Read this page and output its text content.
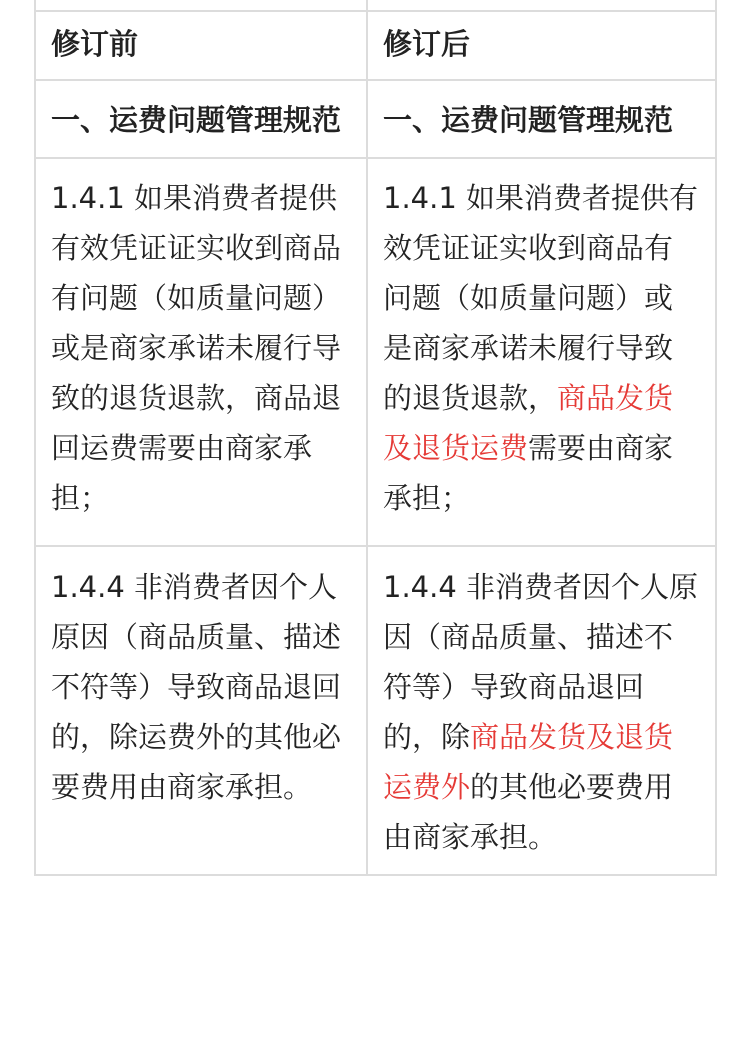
修订前	修订后
一、运费问题管理规范	一、运费问题管理规范
1.4.1 如果消费者提供有效凭证证实收到商品有问题（如质量问题）或是商家承诺未履行导致的退货退款，商品退回运费需要由商家承担；	1.4.1 如果消费者提供有效凭证证实收到商品有问题（如质量问题）或是商家承诺未履行导致的退货退款，商品发货及退货运费需要由商家承担；
1.4.4 非消费者因个人原因（商品质量、描述不符等）导致商品退回的，除运费外的其他必要费用由商家承担。	1.4.4 非消费者因个人原因（商品质量、描述不符等）导致商品退回的，除商品发货及退货运费外的其他必要费用由商家承担。
